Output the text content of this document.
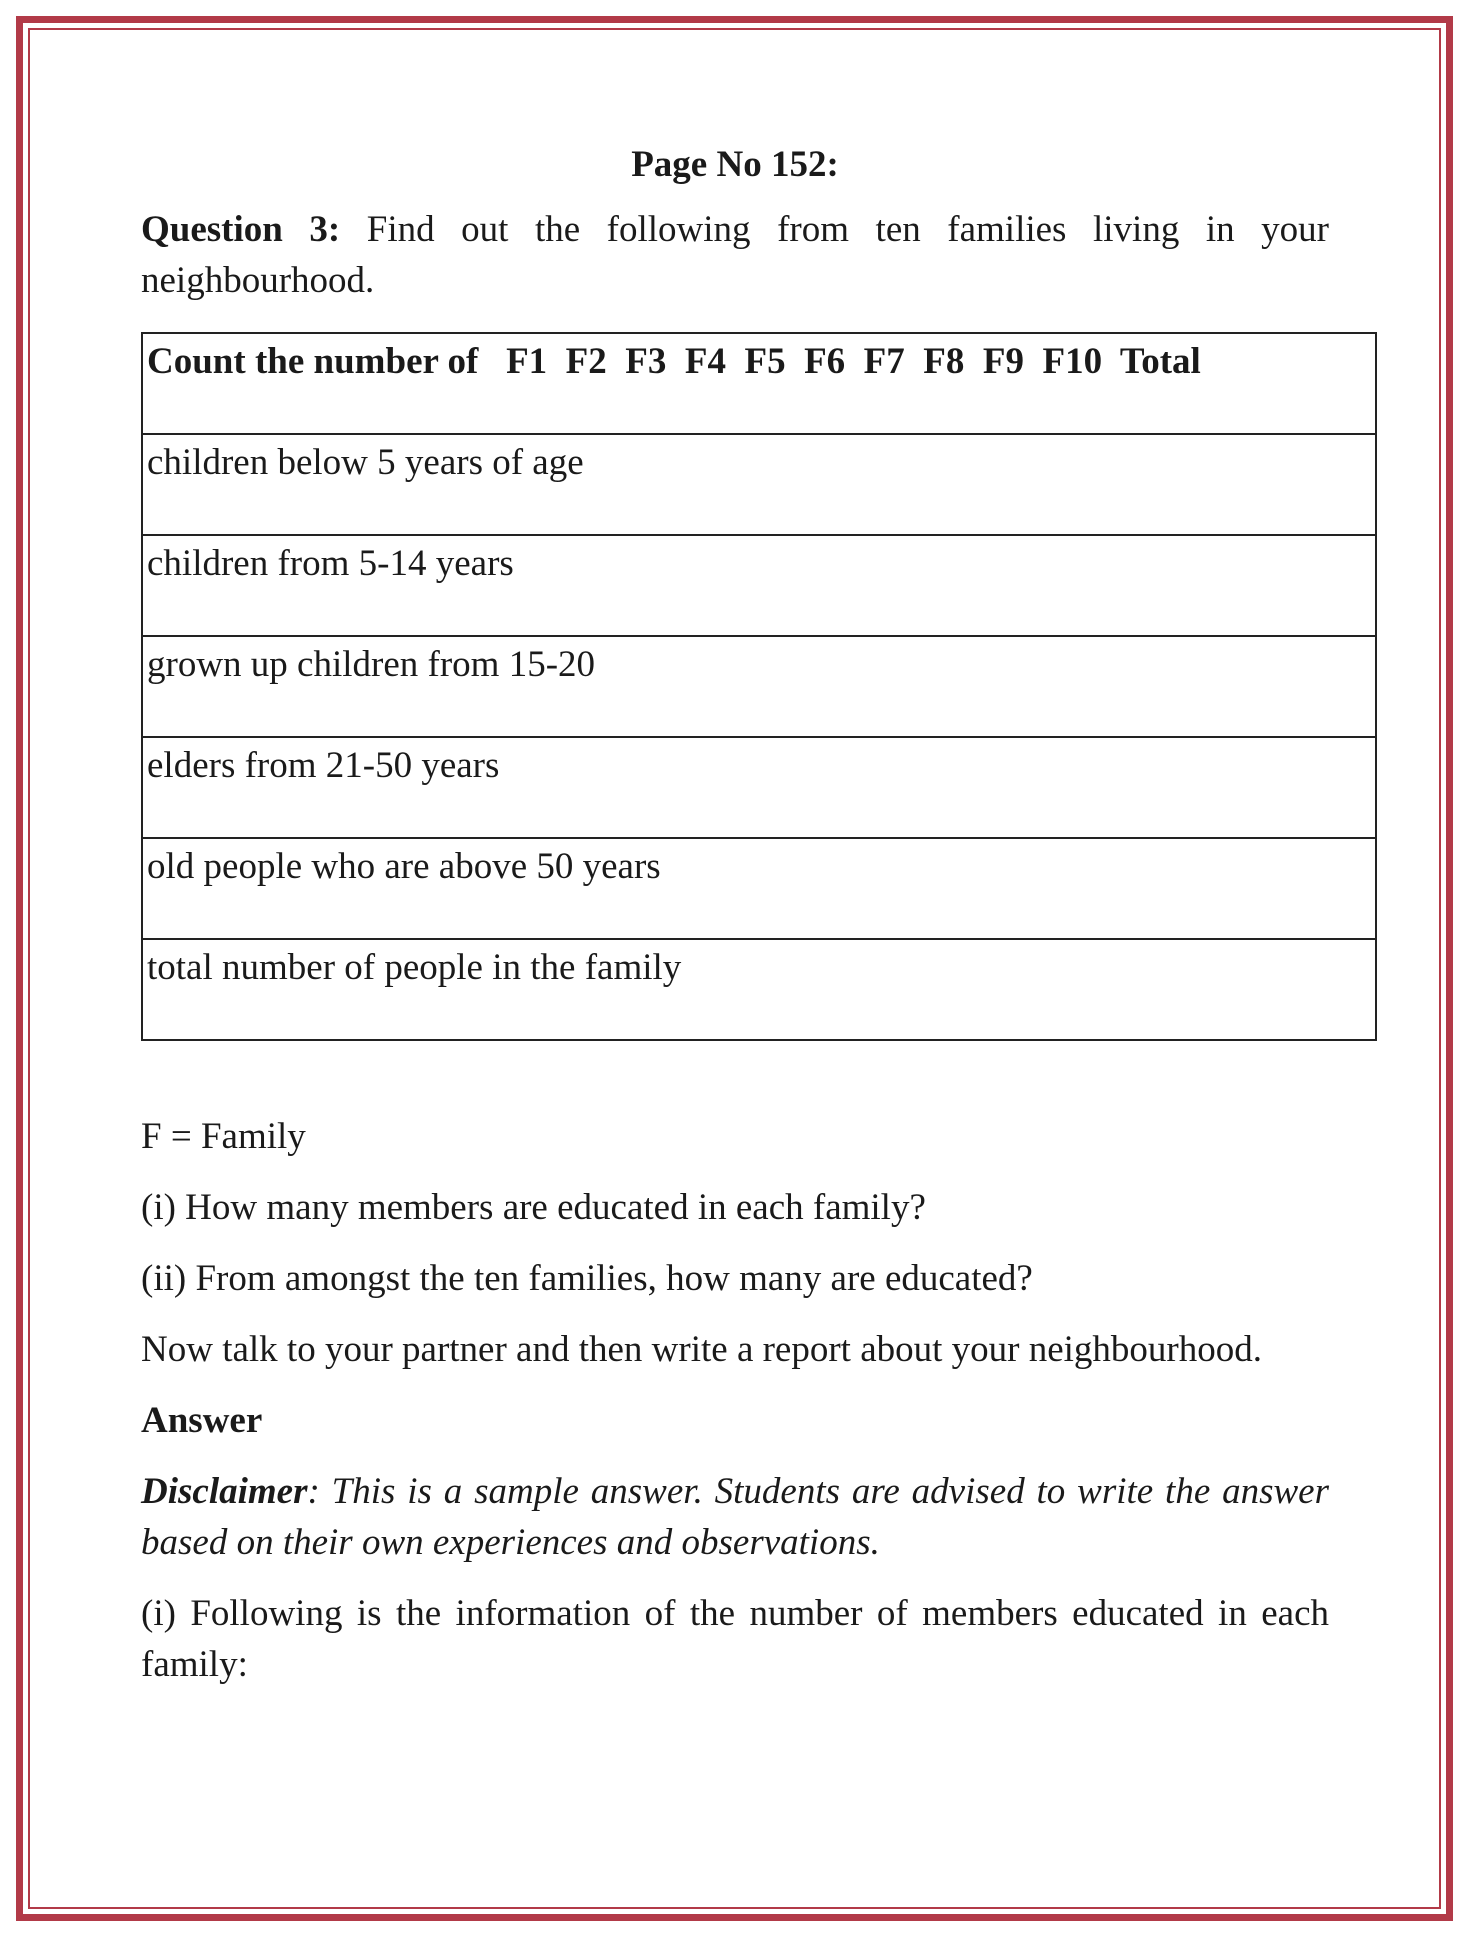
Page No 152:

Question 3: Find out the following from ten families living in your neighbourhood.

Count the number of   F1  F2  F3  F4  F5  F6  F7  F8  F9  F10  Total
children below 5 years of age
children from 5-14 years
grown up children from 15-20
elders from 21-50 years
old people who are above 50 years
total number of people in the family

F = Family

(i) How many members are educated in each family?

(ii) From amongst the ten families, how many are educated?

Now talk to your partner and then write a report about your neighbourhood.

Answer

Disclaimer: This is a sample answer. Students are advised to write the answer based on their own experiences and observations.

(i) Following is the information of the number of members educated in each family:
